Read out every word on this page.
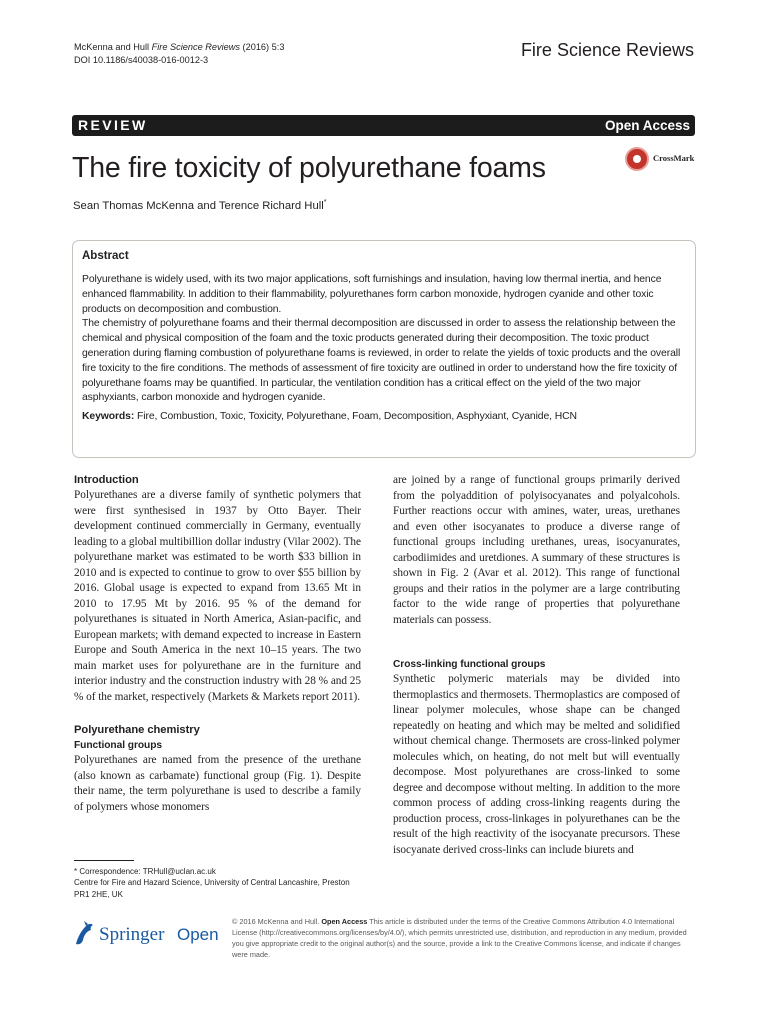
McKenna and Hull Fire Science Reviews (2016) 5:3
DOI 10.1186/s40038-016-0012-3	Fire Science Reviews
REVIEW	Open Access
The fire toxicity of polyurethane foams	CrossMark
Sean Thomas McKenna and Terence Richard Hull*
Abstract

Polyurethane is widely used, with its two major applications, soft furnishings and insulation, having low thermal inertia, and hence enhanced flammability. In addition to their flammability, polyurethanes form carbon monoxide, hydrogen cyanide and other toxic products on decomposition and combustion.

The chemistry of polyurethane foams and their thermal decomposition are discussed in order to assess the relationship between the chemical and physical composition of the foam and the toxic products generated during their decomposition. The toxic product generation during flaming combustion of polyurethane foams is reviewed, in order to relate the yields of toxic products and the overall fire toxicity to the fire conditions. The methods of assessment of fire toxicity are outlined in order to understand how the fire toxicity of polyurethane foams may be quantified. In particular, the ventilation condition has a critical effect on the yield of the two major asphyxiants, carbon monoxide and hydrogen cyanide.

Keywords: Fire, Combustion, Toxic, Toxicity, Polyurethane, Foam, Decomposition, Asphyxiant, Cyanide, HCN

Introduction

Polyurethanes are a diverse family of synthetic polymers that were first synthesised in 1937 by Otto Bayer. Their development continued commercially in Germany, eventually leading to a global multibillion dollar industry (Vilar 2002). The polyurethane market was estimated to be worth $33 billion in 2010 and is expected to continue to grow to over $55 billion by 2016. Global usage is expected to expand from 13.65 Mt in 2010 to 17.95 Mt by 2016. 95 % of the demand for polyurethanes is situated in North America, Asian-pacific, and European markets; with demand expected to increase in Eastern Europe and South America in the next 10–15 years. The two main market uses for polyurethane are in the furniture and interior industry and the construction industry with 28 % and 25 % of the market, respectively (Markets & Markets report 2011).

Polyurethane chemistry
Functional groups

Polyurethanes are named from the presence of the urethane (also known as carbamate) functional group (Fig. 1). Despite their name, the term polyurethane is used to describe a family of polymers whose monomers

* Correspondence: TRHull@uclan.ac.uk
Centre for Fire and Hazard Science, University of Central Lancashire, Preston PR1 2HE, UK

are joined by a range of functional groups primarily derived from the polyaddition of polyisocyanates and polyalcohols. Further reactions occur with amines, water, ureas, urethanes and even other isocyanates to produce a diverse range of functional groups including urethanes, ureas, isocyanurates, carbodiimides and uretdiones. A summary of these structures is shown in Fig. 2 (Avar et al. 2012). This range of functional groups and their ratios in the polymer are a large contributing factor to the wide range of properties that polyurethane materials can possess.

Cross-linking functional groups

Synthetic polymeric materials may be divided into thermoplastics and thermosets. Thermoplastics are composed of linear polymer molecules, whose shape can be changed repeatedly on heating and which may be melted and solidified without chemical change. Thermosets are cross-linked polymer molecules which, on heating, do not melt but will eventually decompose. Most polyurethanes are cross-linked to some degree and decompose without melting. In addition to the more common process of adding cross-linking reagents during the production process, cross-linkages in polyurethanes can be the result of the high reactivity of the isocyanate precursors. These isocyanate derived cross-links can include biurets and

Springer Open
© 2016 McKenna and Hull. Open Access This article is distributed under the terms of the Creative Commons Attribution 4.0 International License (http://creativecommons.org/licenses/by/4.0/), which permits unrestricted use, distribution, and reproduction in any medium, provided you give appropriate credit to the original author(s) and the source, provide a link to the Creative Commons license, and indicate if changes were made.
